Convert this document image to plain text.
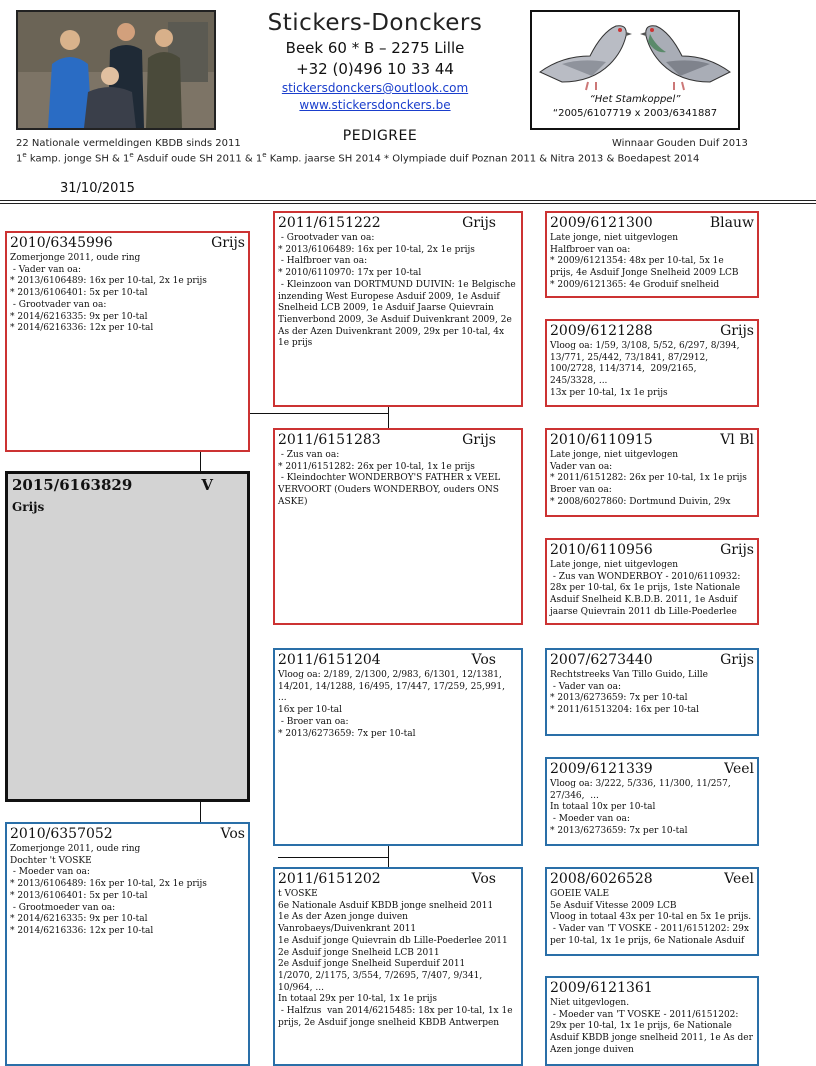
Stickers-Donckers
Beek 60 * B – 2275 Lille
+32 (0)496 10 33 44
stickersdonckers@outlook.com
www.stickersdonckers.be
PEDIGREE
“Het Stamkoppel”
“2005/6107719 x 2003/6341887
22 Nationale vermeldingen KBDB sinds 2011	Winnaar Gouden Duif 2013
1e kamp. jonge SH & 1e Asduif oude SH 2011 & 1e Kamp. jaarse SH 2014 * Olympiade duif Poznan 2011 & Nitra 2013 & Boedapest 2014
31/10/2015
2015/6163829	V
Grijs
2010/6345996	Grijs
Zomerjonge 2011, oude ring
- Vader van oa:
* 2013/6106489: 16x per 10-tal, 2x 1e prijs
* 2013/6106401: 5x per 10-tal
- Grootvader van oa:
* 2014/6216335: 9x per 10-tal
* 2014/6216336: 12x per 10-tal
2010/6357052	Vos
Zomerjonge 2011, oude ring
Dochter 't VOSKE
- Moeder van oa:
* 2013/6106489: 16x per 10-tal, 2x 1e prijs
* 2013/6106401: 5x per 10-tal
- Grootmoeder van oa:
* 2014/6216335: 9x per 10-tal
* 2014/6216336: 12x per 10-tal
2011/6151222	Grijs
- Grootvader van oa:
* 2013/6106489: 16x per 10-tal, 2x 1e prijs
- Halfbroer van oa:
* 2010/6110970: 17x per 10-tal
- Kleinzoon van DORTMUND DUIVIN: 1e Belgische
inzending West Europese Asduif 2009, 1e Asduif
Snelheid LCB 2009, 1e Asduif Jaarse Quievrain
Tienverbond 2009, 3e Asduif Duivenkrant 2009, 2e
As der Azen Duivenkrant 2009, 29x per 10-tal, 4x
1e prijs
2011/6151283	Grijs
- Zus van oa:
* 2011/6151282: 26x per 10-tal, 1x 1e prijs
- Kleindochter WONDERBOY'S FATHER x VEEL
VERVOORT (Ouders WONDERBOY, ouders ONS
ASKE)
2011/6151204	Vos
Vloog oa: 2/189, 2/1300, 2/983, 6/1301, 12/1381,
14/201, 14/1288, 16/495, 17/447, 17/259, 25,991,
...
16x per 10-tal
- Broer van oa:
* 2013/6273659: 7x per 10-tal
2011/6151202	Vos
t VOSKE
6e Nationale Asduif KBDB jonge snelheid 2011
1e As der Azen jonge duiven
Vanrobaeys/Duivenkrant 2011
1e Asduif jonge Quievrain db Lille-Poederlee 2011
2e Asduif jonge Snelheid LCB 2011
2e Asduif jonge Snelheid Superduif 2011
1/2070, 2/1175, 3/554, 7/2695, 7/407, 9/341,
10/964, ...
In totaal 29x per 10-tal, 1x 1e prijs
- Halfzus  van 2014/6215485: 18x per 10-tal, 1x 1e
prijs, 2e Asduif jonge snelheid KBDB Antwerpen
2009/6121300	Blauw
Late jonge, niet uitgevlogen
Halfbroer van oa:
* 2009/6121354: 48x per 10-tal, 5x 1e
prijs, 4e Asduif Jonge Snelheid 2009 LCB
* 2009/6121365: 4e Groduif snelheid
2009/6121288	Grijs
Vloog oa: 1/59, 3/108, 5/52, 6/297, 8/394,
13/771, 25/442, 73/1841, 87/2912,
100/2728, 114/3714,  209/2165,
245/3328, ...
13x per 10-tal, 1x 1e prijs
2010/6110915	Vl Bl
Late jonge, niet uitgevlogen
Vader van oa:
* 2011/6151282: 26x per 10-tal, 1x 1e prijs
Broer van oa:
* 2008/6027860: Dortmund Duivin, 29x
2010/6110956	Grijs
Late jonge, niet uitgevlogen
- Zus van WONDERBOY - 2010/6110932:
28x per 10-tal, 6x 1e prijs, 1ste Nationale
Asduif Snelheid K.B.D.B. 2011, 1e Asduif
jaarse Quievrain 2011 db Lille-Poederlee
2007/6273440	Grijs
Rechtstreeks Van Tillo Guido, Lille
- Vader van oa:
* 2013/6273659: 7x per 10-tal
* 2011/61513204: 16x per 10-tal
2009/6121339	Veel
Vloog oa: 3/222, 5/336, 11/300, 11/257,
27/346,  ...
In totaal 10x per 10-tal
- Moeder van oa:
* 2013/6273659: 7x per 10-tal
2008/6026528	Veel
GOEIE VALE
5e Asduif Vitesse 2009 LCB
Vloog in totaal 43x per 10-tal en 5x 1e prijs.
- Vader van 'T VOSKE - 2011/6151202: 29x
per 10-tal, 1x 1e prijs, 6e Nationale Asduif
2009/6121361
Niet uitgevlogen.
- Moeder van 'T VOSKE - 2011/6151202:
29x per 10-tal, 1x 1e prijs, 6e Nationale
Asduif KBDB jonge snelheid 2011, 1e As der
Azen jonge duiven
